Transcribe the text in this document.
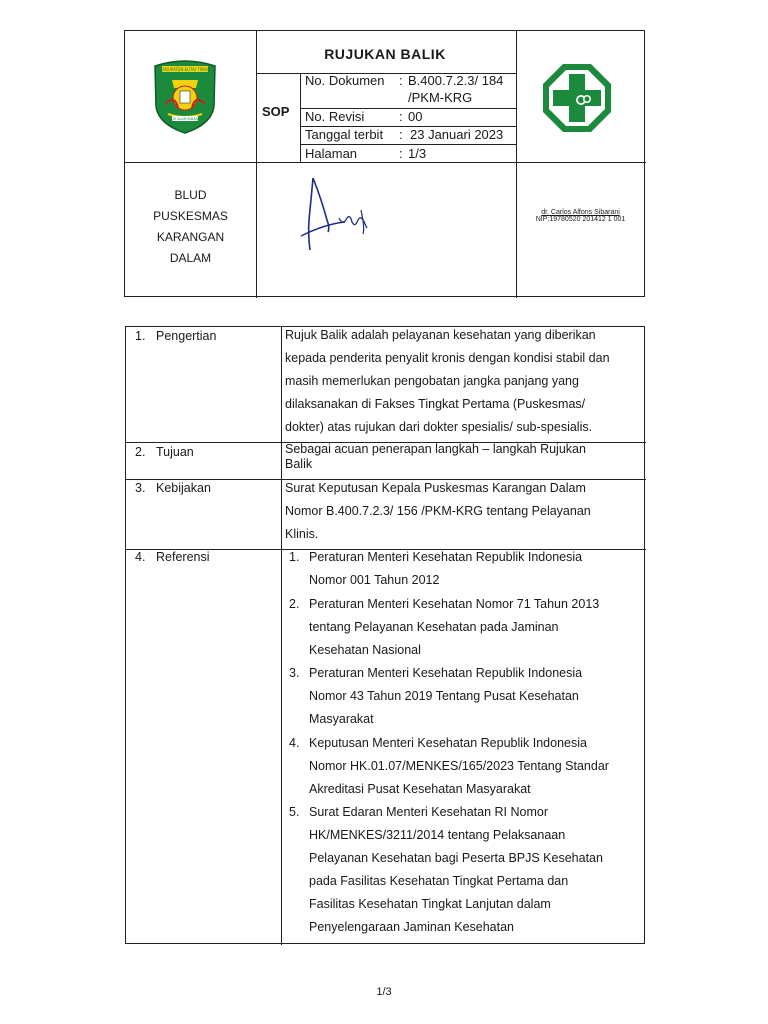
KABUPATEN KUTAI TIMUR
SOE ALAM BIDANG
RUJUKAN BALIK
SOP
No. Dokumen : B.400.7.2.3/ 184
/PKM-KRG
No. Revisi	: 00
Tanggal terbit : 23 Januari 2023
Halaman	: 1/3
BLUD
PUSKESMAS
KARANGAN
DALAM
dr. Carlos Alfons Sibarani
NIP:19780520 201412 1 001
1. Pengertian	Rujuk Balik adalah pelayanan kesehatan yang diberikan
kepada penderita penyalit kronis dengan kondisi stabil dan
masih memerlukan pengobatan jangka panjang yang
dilaksanakan di Fakses Tingkat Pertama (Puskesmas/
dokter) atas rujukan dari dokter spesialis/ sub-spesialis.
2. Tujuan	Sebagai acuan penerapan langkah – langkah Rujukan
Balik
3. Kebijakan	Surat Keputusan Kepala Puskesmas Karangan Dalam
Nomor B.400.7.2.3/ 156 /PKM-KRG tentang Pelayanan
Klinis.
4. Referensi	1. Peraturan Menteri Kesehatan Republik Indonesia
Nomor 001 Tahun 2012
2. Peraturan Menteri Kesehatan Nomor 71 Tahun 2013
tentang Pelayanan Kesehatan pada Jaminan
Kesehatan Nasional
3. Peraturan Menteri Kesehatan Republik Indonesia
Nomor 43 Tahun 2019 Tentang Pusat Kesehatan
Masyarakat
4. Keputusan Menteri Kesehatan Republik Indonesia
Nomor HK.01.07/MENKES/165/2023 Tentang Standar
Akreditasi Pusat Kesehatan Masyarakat
5. Surat Edaran Menteri Kesehatan RI Nomor
HK/MENKES/3211/2014 tentang Pelaksanaan
Pelayanan Kesehatan bagi Peserta BPJS Kesehatan
pada Fasilitas Kesehatan Tingkat Pertama dan
Fasilitas Kesehatan Tingkat Lanjutan dalam
Penyelengaraan Jaminan Kesehatan
1/3
